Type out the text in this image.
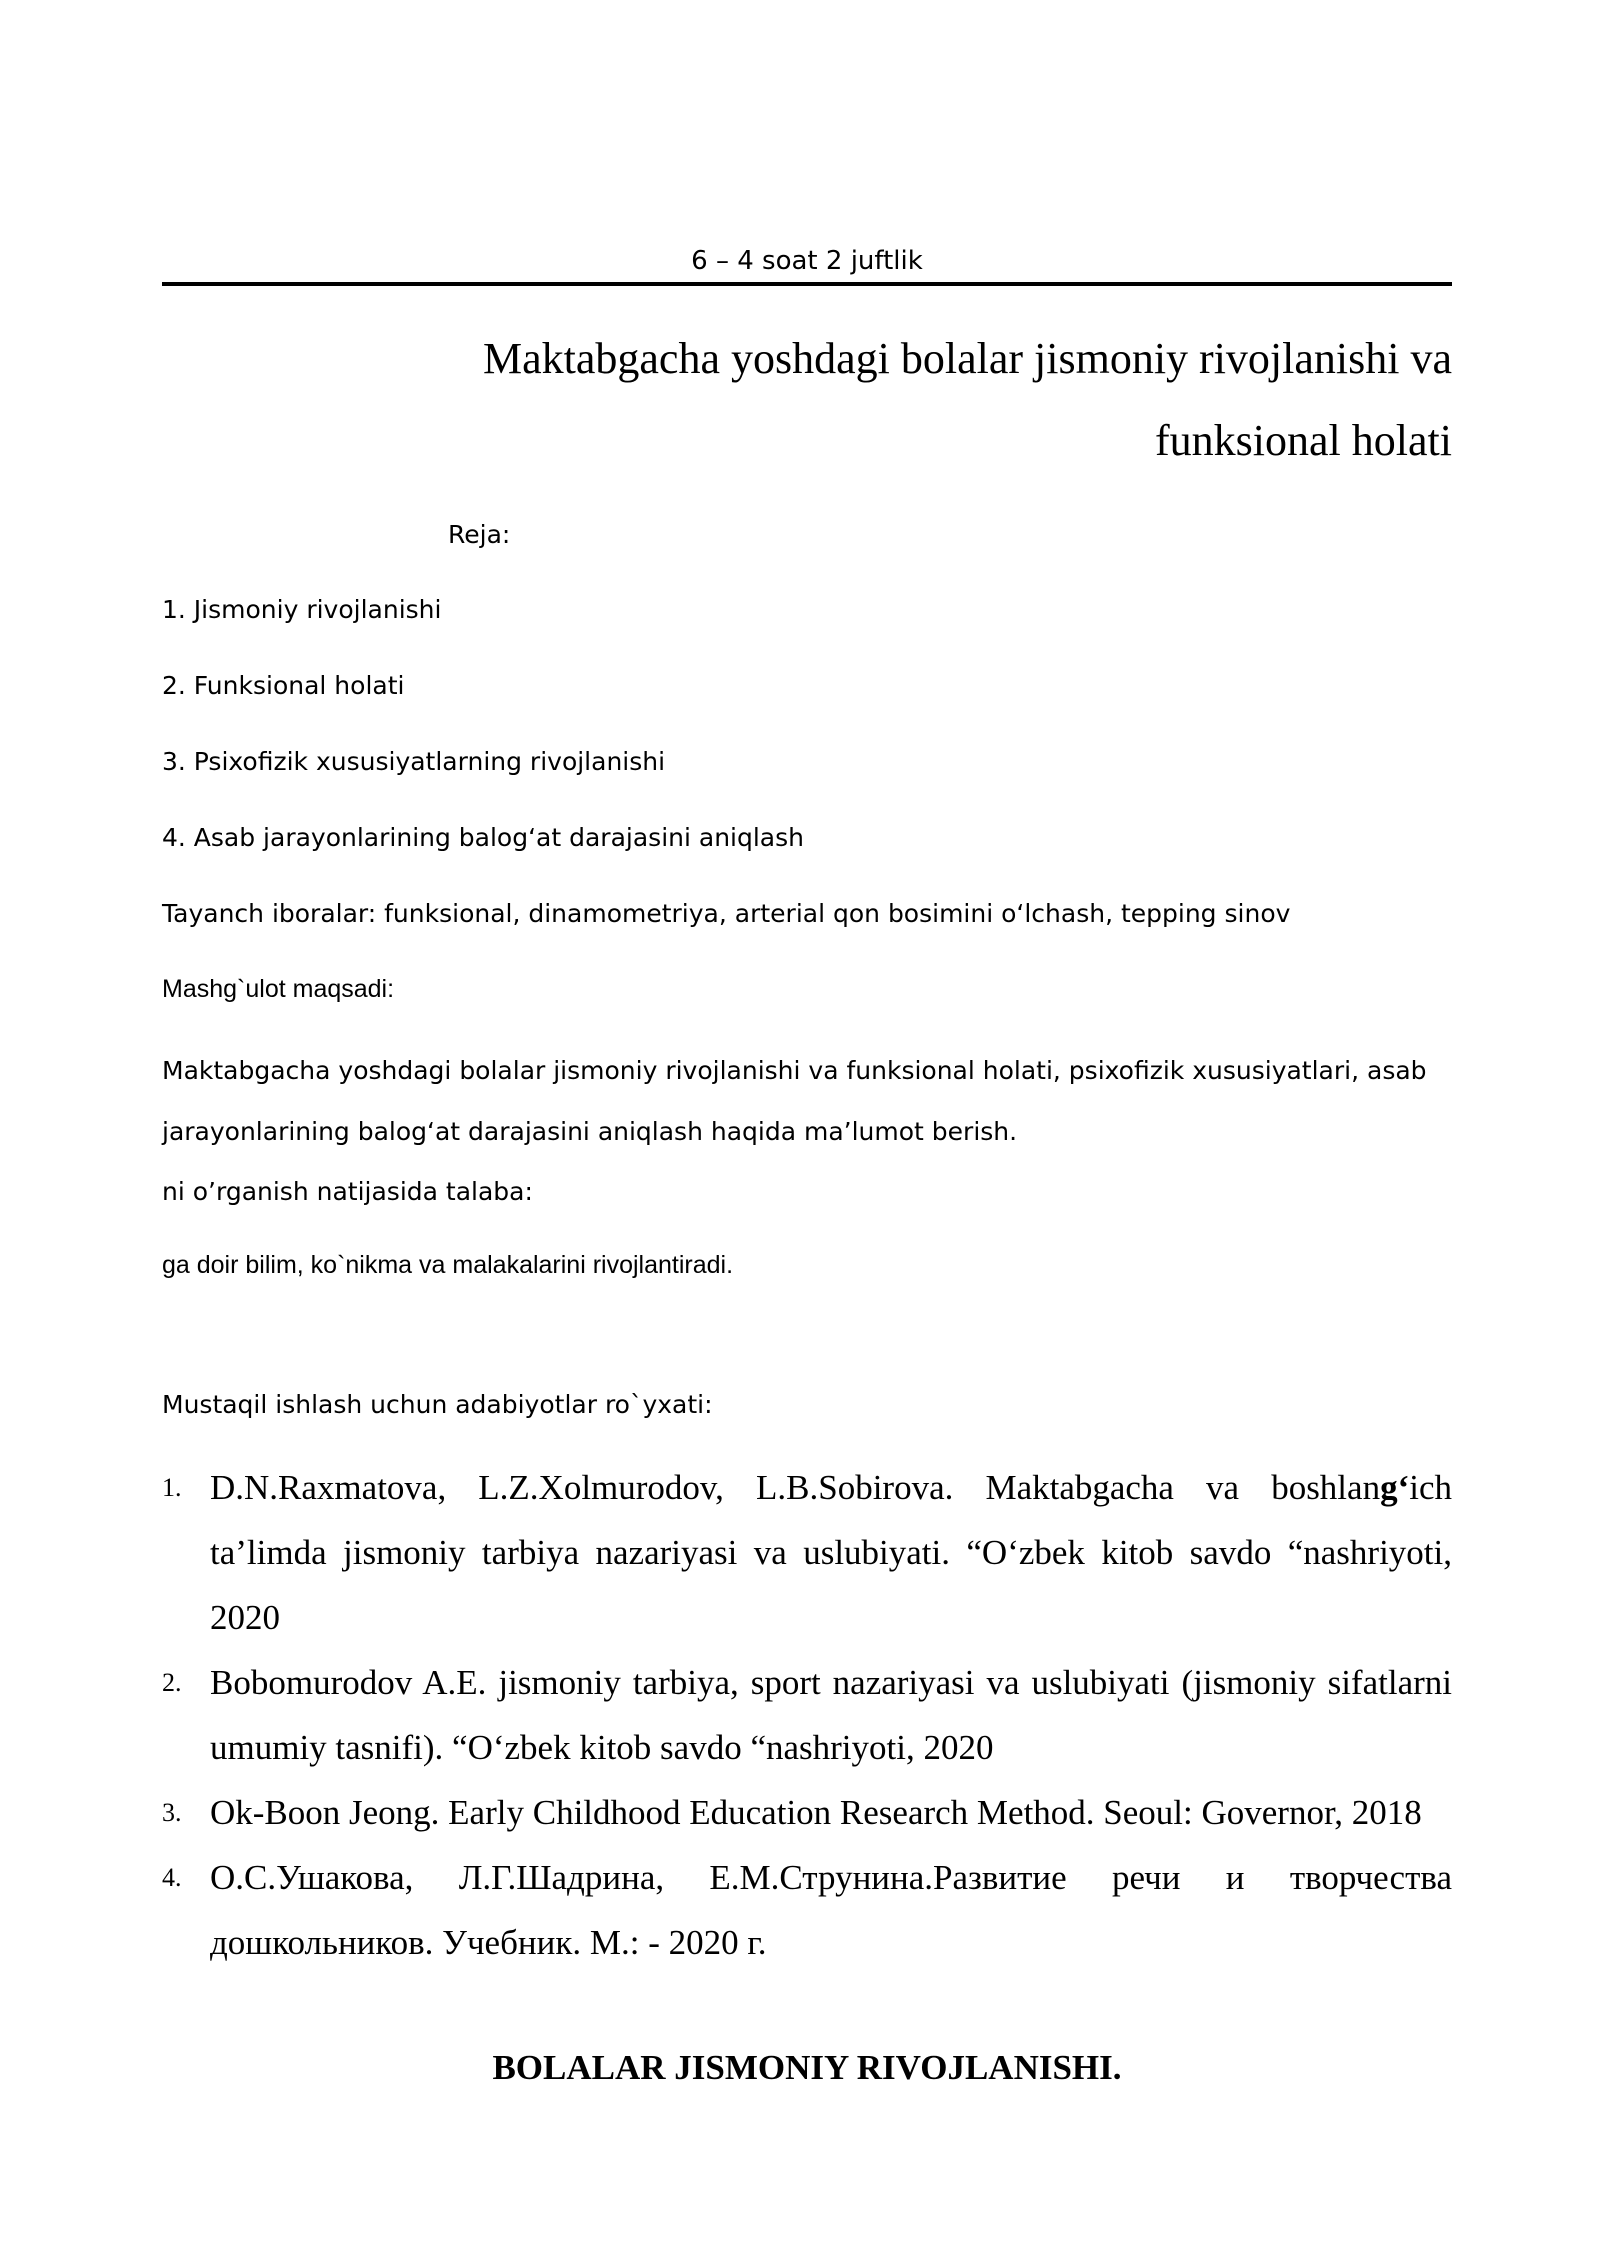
6 – 4 soat 2 juftlik
Maktabgacha yoshdagi bolalar jismoniy rivojlanishi va
funksional holati
Reja:
1. Jismoniy rivojlanishi
2. Funksional holati
3. Psixofizik xususiyatlarning rivojlanishi
4. Asab jarayonlarining balog‘at darajasini aniqlash
Tayanch iboralar: funksional, dinamometriya, arterial qon bosimini o‘lchash, tepping sinov
Mashg`ulot maqsadi:
Maktabgacha yoshdagi bolalar jismoniy rivojlanishi va funksional holati, psixofizik xususiyatlari, asab
jarayonlarining balog‘at darajasini aniqlash haqida ma’lumot berish.
ni o’rganish natijasida talaba:
ga doir bilim, ko`nikma va malakalarini rivojlantiradi.
Mustaqil ishlash uchun adabiyotlar ro`yxati:
1. D.N.Raxmatova, L.Z.Xolmurodov, L.B.Sobirova. Maktabgacha va boshlang‘ich ta’limda jismoniy tarbiya nazariyasi va uslubiyati. “O‘zbek kitob savdo “nashriyoti, 2020
2. Bobomurodov A.E. jismoniy tarbiya, sport nazariyasi va uslubiyati (jismoniy sifatlarni umumiy tasnifi). “O‘zbek kitob savdo “nashriyoti, 2020
3. Ok-Boon Jeong. Early Childhood Education Research Method. Seoul: Governor, 2018
4. О.С.Ушакова, Л.Г.Шадрина, Е.М.Струнина.Развитие речи и творчества
дошкольников. Учебник. М.: - 2020 г.
BOLALAR JISMONIY RIVOJLANISHI.
